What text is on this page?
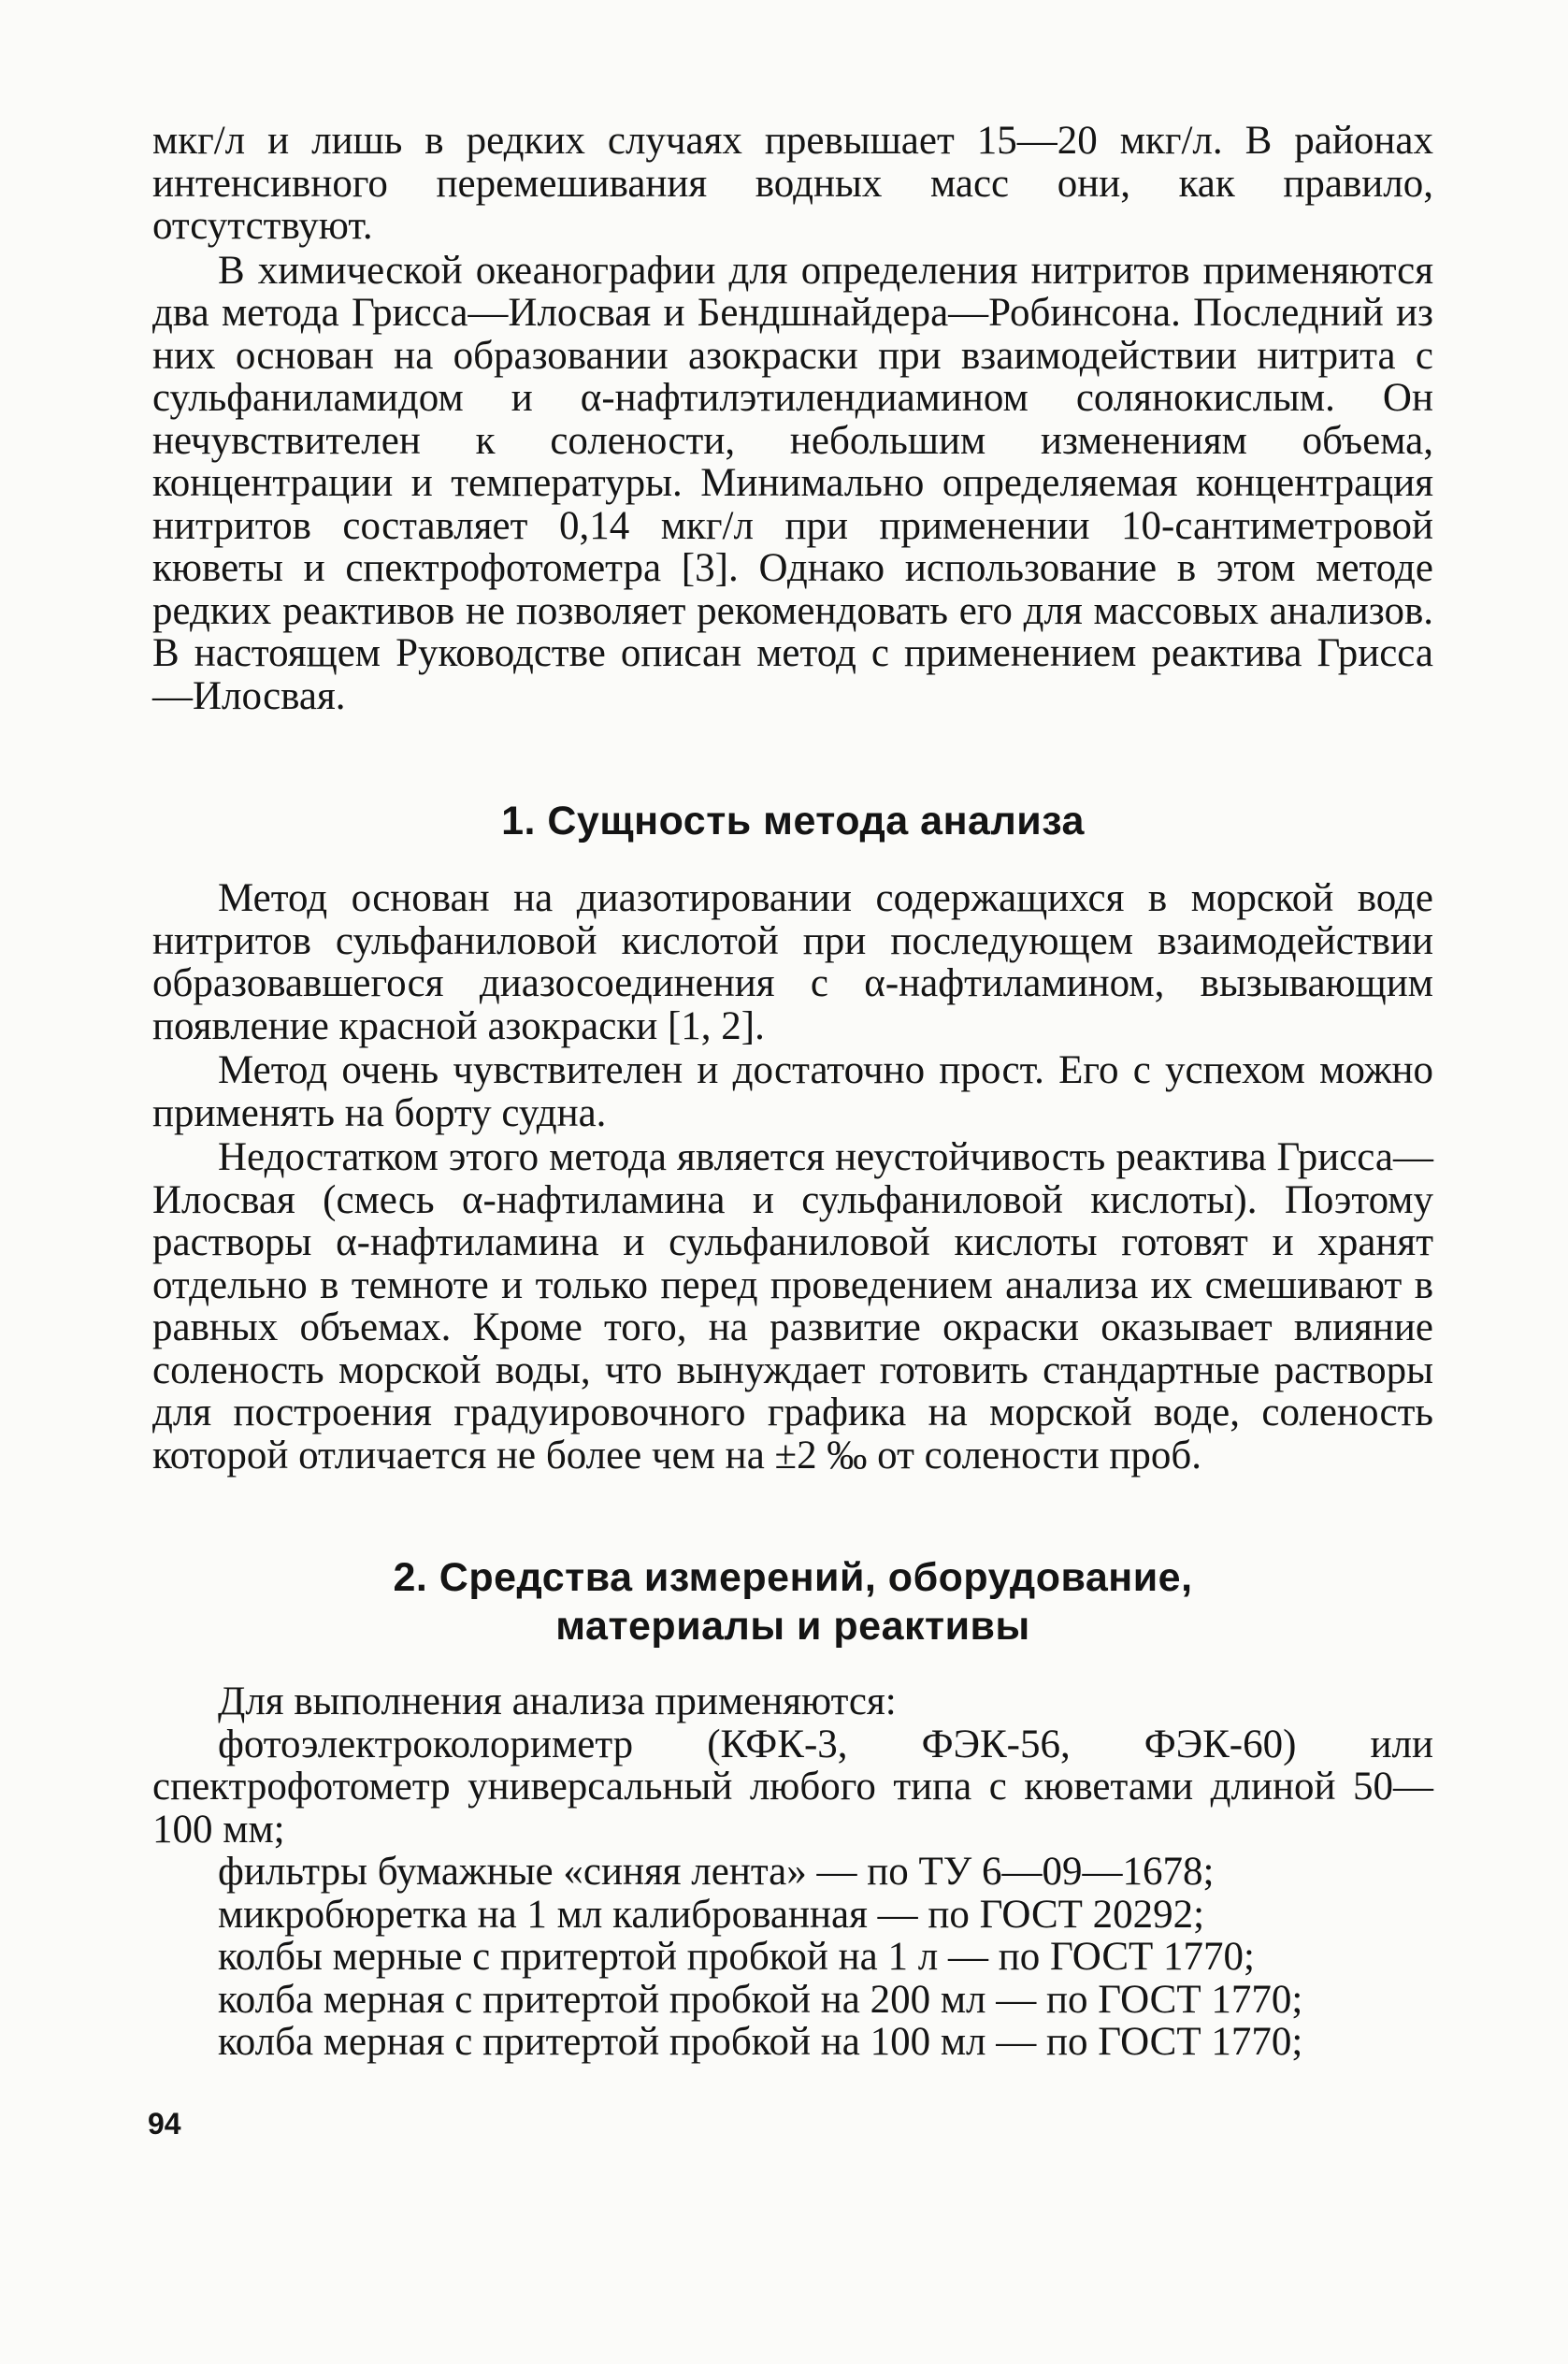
мкг/л и лишь в редких случаях превышает 15—20 мкг/л. В районах интенсивного перемешивания водных масс они, как правило, отсутствуют.

В химической океанографии для определения нитритов применяются два метода Грисса—Илосвая и Бендшнайдера—Робинсона. Последний из них основан на образовании азокраски при взаимодействии нитрита с сульфаниламидом и α-нафтилэтилендиамином солянокислым. Он нечувствителен к солености, небольшим изменениям объема, концентрации и температуры. Минимально определяемая концентрация нитритов составляет 0,14 мкг/л при применении 10-сантиметровой кюветы и спектрофотометра [3]. Однако использование в этом методе редких реактивов не позволяет рекомендовать его для массовых анализов. В настоящем Руководстве описан метод с применением реактива Грисса—Илосвая.

1. Сущность метода анализа

Метод основан на диазотировании содержащихся в морской воде нитритов сульфаниловой кислотой при последующем взаимодействии образовавшегося диазосоединения с α-нафтиламином, вызывающим появление красной азокраски [1, 2].

Метод очень чувствителен и достаточно прост. Его с успехом можно применять на борту судна.

Недостатком этого метода является неустойчивость реактива Грисса—Илосвая (смесь α-нафтиламина и сульфаниловой кислоты). Поэтому растворы α-нафтиламина и сульфаниловой кислоты готовят и хранят отдельно в темноте и только перед проведением анализа их смешивают в равных объемах. Кроме того, на развитие окраски оказывает влияние соленость морской воды, что вынуждает готовить стандартные растворы для построения градуировочного графика на морской воде, соленость которой отличается не более чем на ±2 ‰ от солености проб.

2. Средства измерений, оборудование,
материалы и реактивы

Для выполнения анализа применяются:

фотоэлектроколориметр (КФК-3, ФЭК-56, ФЭК-60) или спектрофотометр универсальный любого типа с кюветами длиной 50—100 мм;

фильтры бумажные «синяя лента» — по ТУ 6—09—1678;

микробюретка на 1 мл калиброванная — по ГОСТ 20292;

колбы мерные с притертой пробкой на 1 л — по ГОСТ 1770;

колба мерная с притертой пробкой на 200 мл — по ГОСТ 1770;

колба мерная с притертой пробкой на 100 мл — по ГОСТ 1770;

94
